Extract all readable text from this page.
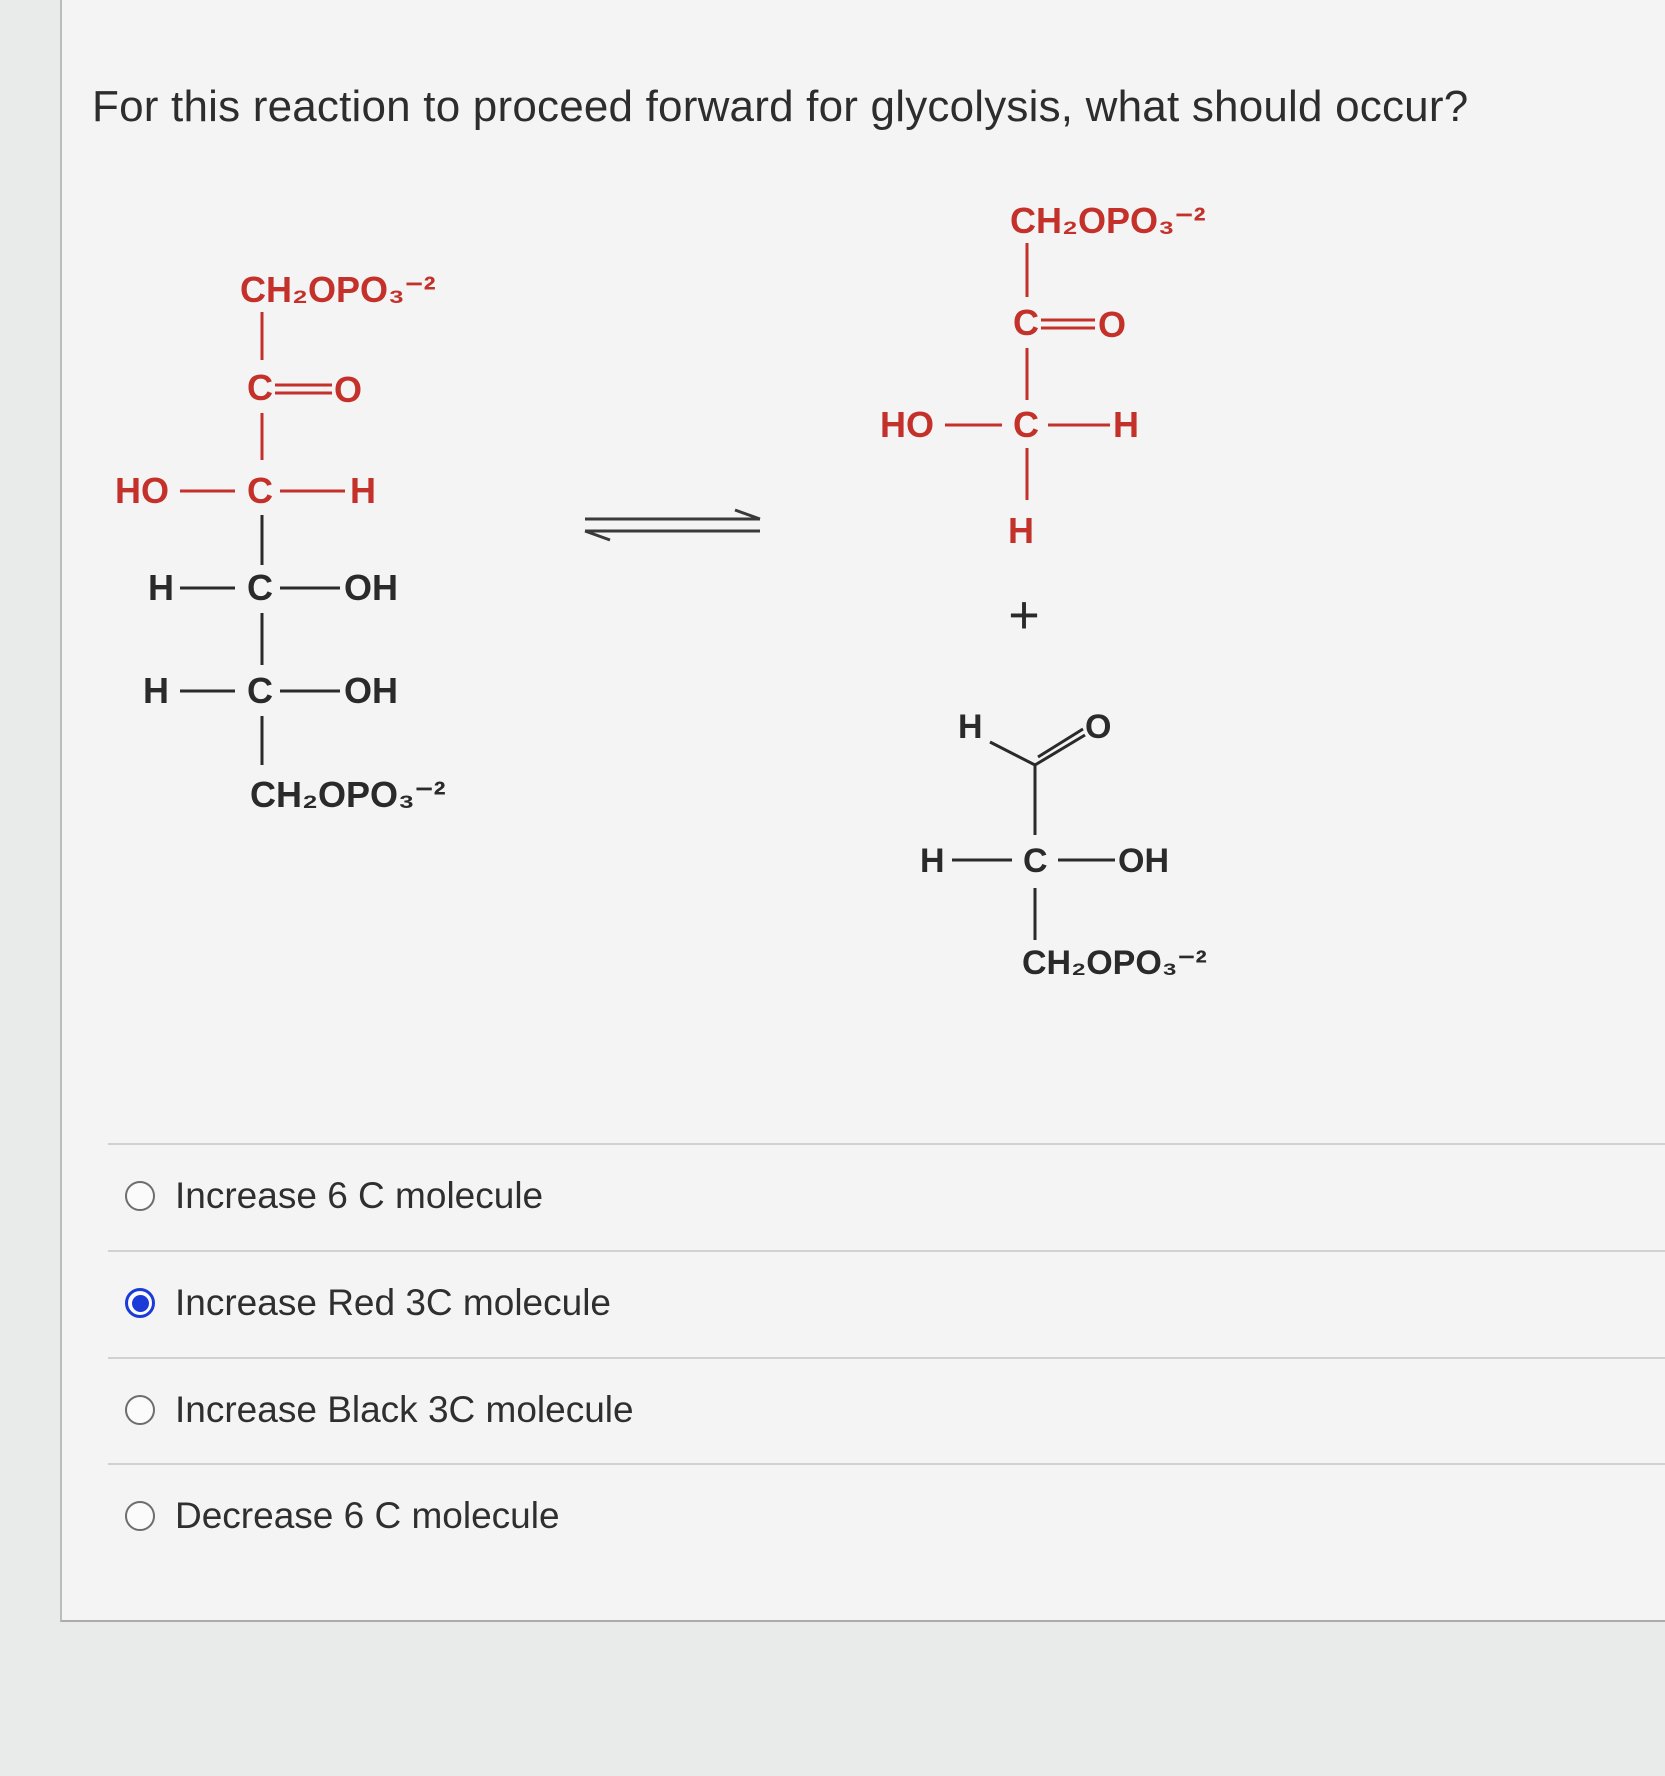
For this reaction to proceed forward for glycolysis, what should occur?
CH₂OPO₃⁻²
C O
HO C H
H C OH
H C OH
CH₂OPO₃⁻²
CH₂OPO₃⁻²
C O
HO C H
H
+
H	O
H C OH
CH₂OPO₃⁻²
Increase 6 C molecule
Increase Red 3C molecule
Increase Black 3C molecule
Decrease 6 C molecule
